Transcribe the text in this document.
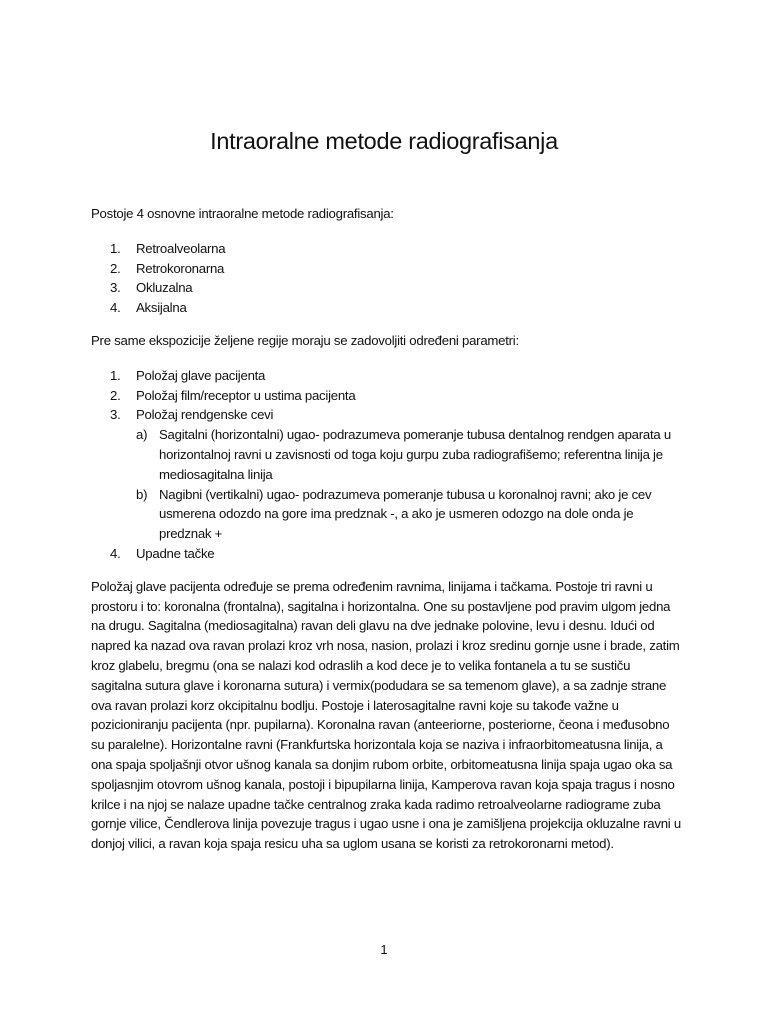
Intraoralne metode radiografisanja

Postoje 4 osnovne intraoralne metode radiografisanja:

1. Retroalveolarna
2. Retrokoronarna
3. Okluzalna
4. Aksijalna

Pre same ekspozicije željene regije moraju se zadovoljiti određeni parametri:

1. Položaj glave pacijenta
2. Položaj film/receptor u ustima pacijenta
3. Položaj rendgenske cevi
a) Sagitalni (horizontalni) ugao- podrazumeva pomeranje tubusa dentalnog rendgen aparata u horizontalnoj ravni u zavisnosti od toga koju gurpu zuba radiografišemo; referentna linija je mediosagitalna linija
b) Nagibni (vertikalni) ugao- podrazumeva pomeranje tubusa u koronalnoj ravni; ako je cev usmerena odozdo na gore ima predznak -, a ako je usmeren odozgo na dole onda je predznak +
4. Upadne tačke

Položaj glave pacijenta određuje se prema određenim ravnima, linijama i tačkama. Postoje tri ravni u prostoru i to: koronalna (frontalna), sagitalna i horizontalna. One su postavljene pod pravim ulgom jedna na drugu. Sagitalna (mediosagitalna) ravan deli glavu na dve jednake polovine, levu i desnu. Idući od napred ka nazad ova ravan prolazi kroz vrh nosa, nasion, prolazi i kroz sredinu gornje usne i brade, zatim kroz glabelu, bregmu (ona se nalazi kod odraslih a kod dece je to velika fontanela a tu se sustiču sagitalna sutura glave i koronarna sutura) i vermix(podudara se sa temenom glave), a sa zadnje strane ova ravan prolazi korz okcipitalnu bodlju. Postoje i laterosagitalne ravni koje su takođe važne u pozicioniranju pacijenta (npr. pupilarna). Koronalna ravan (anteeriorne, posteriorne, čeona i međusobno su paralelne). Horizontalne ravni (Frankfurtska horizontala koja se naziva i infraorbitomeatusna linija, a ona spaja spoljašnji otvor ušnog kanala sa donjim rubom orbite, orbitomeatusna linija spaja ugao oka sa spoljasnjim otovrom ušnog kanala, postoji i bipupilarna linija, Kamperova ravan koja spaja tragus i nosno krilce i na njoj se nalaze upadne tačke centralnog zraka kada radimo retroalveolarne radiograme zuba gornje vilice, Čendlerova linija povezuje tragus i ugao usne i ona je zamišljena projekcija okluzalne ravni u donjoj vilici, a ravan koja spaja resicu uha sa uglom usana se koristi za retrokoronarni metod).

1
